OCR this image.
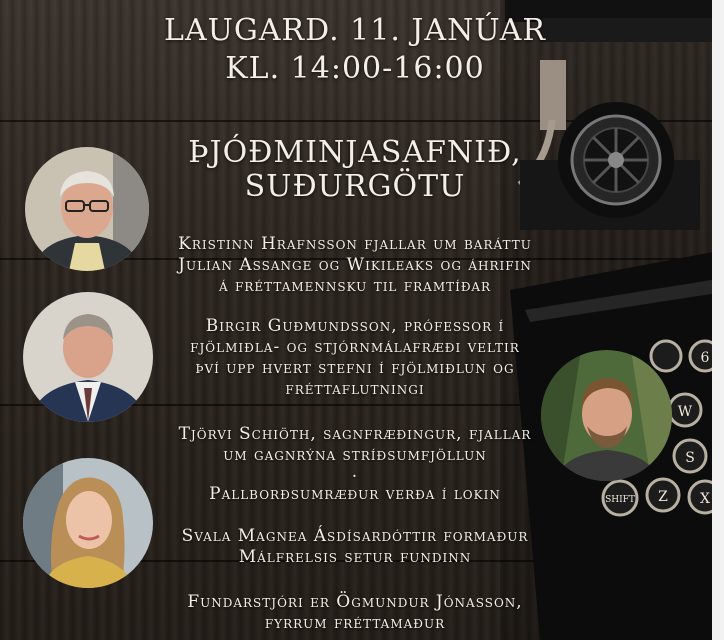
6
W
S
SHIFT Z X
LAUGARD. 11. JANÚAR
KL. 14:00-16:00
ÞJÓÐMINJASAFNIÐ,
SUÐURGÖTU
Kristinn Hrafnsson fjallar um baráttu
Julian Assange og Wikileaks og áhrifin
á fréttamennsku til framtíðar
Birgir Guðmundsson, prófessor í
fjölmiðla- og stjórnmálafræði veltir
því upp hvert stefni í fjölmiðlun og
fréttaflutningi
Tjörvi Schiöth, sagnfræðingur, fjallar
um gagnrýna stríðsumfjöllun
.
Pallborðsumræður verða í lokin
Svala Magnea Ásdísardóttir formaður
Málfrelsis setur fundinn
Fundarstjóri er Ögmundur Jónasson,
fyrrum fréttamaður
